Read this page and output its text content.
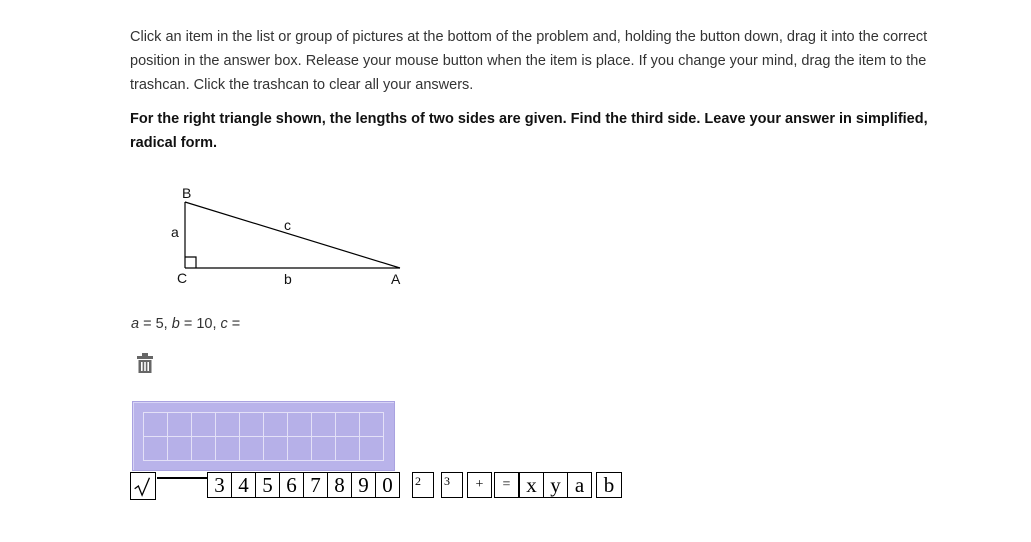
Click an item in the list or group of pictures at the bottom of the problem and, holding the button down, drag it into the correct position in the answer box. Release your mouse button when the item is place. If you change your mind, drag the item to the trashcan. Click the trashcan to clear all your answers.

For the right triangle shown, the lengths of two sides are given. Find the third side. Leave your answer in simplified, radical form.

B
C	A
a
b
c
a = 5, b = 10, c =
3 4 5 6 7 8 9 0	2	3	+	= x y a b
